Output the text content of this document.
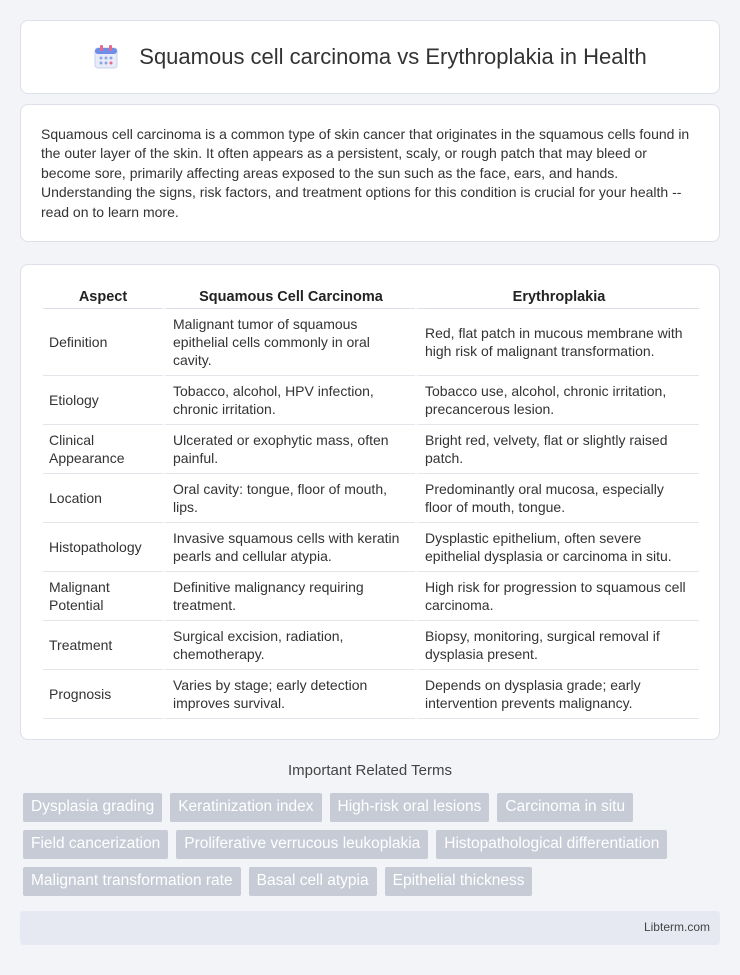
Squamous cell carcinoma vs Erythroplakia in Health

Squamous cell carcinoma is a common type of skin cancer that originates in the squamous cells found in the outer layer of the skin. It often appears as a persistent, scaly, or rough patch that may bleed or become sore, primarily affecting areas exposed to the sun such as the face, ears, and hands. Understanding the signs, risk factors, and treatment options for this condition is crucial for your health -- read on to learn more.

Aspect	Squamous Cell Carcinoma	Erythroplakia
Definition	Malignant tumor of squamous epithelial cells commonly in oral cavity.	Red, flat patch in mucous membrane with high risk of malignant transformation.
Etiology	Tobacco, alcohol, HPV infection, chronic irritation.	Tobacco use, alcohol, chronic irritation, precancerous lesion.
Clinical Appearance	Ulcerated or exophytic mass, often painful.	Bright red, velvety, flat or slightly raised patch.
Location	Oral cavity: tongue, floor of mouth, lips.	Predominantly oral mucosa, especially floor of mouth, tongue.
Histopathology	Invasive squamous cells with keratin pearls and cellular atypia.	Dysplastic epithelium, often severe epithelial dysplasia or carcinoma in situ.
Malignant Potential	Definitive malignancy requiring treatment.	High risk for progression to squamous cell carcinoma.
Treatment	Surgical excision, radiation, chemotherapy.	Biopsy, monitoring, surgical removal if dysplasia present.
Prognosis	Varies by stage; early detection improves survival.	Depends on dysplasia grade; early intervention prevents malignancy.
Important Related Terms
Dysplasia grading	Keratinization index	High-risk oral lesions	Carcinoma in situ
Field cancerization	Proliferative verrucous leukoplakia	Histopathological differentiation
Malignant transformation rate	Basal cell atypia	Epithelial thickness
Libterm.com
